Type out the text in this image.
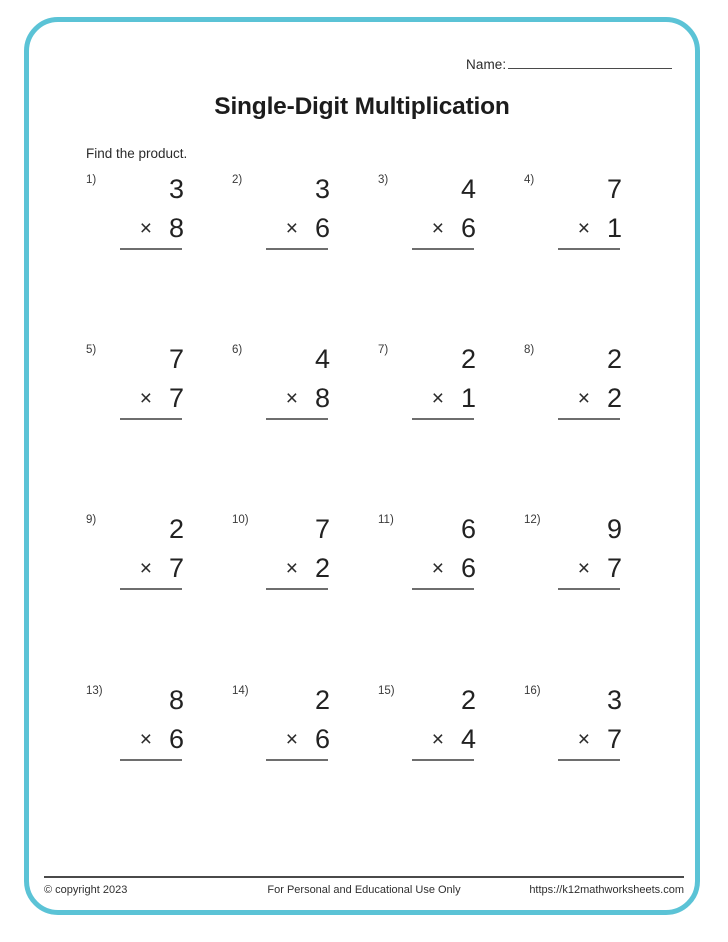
Name:
Single-Digit Multiplication
Find the product.
1)	3
× 8
2)	3
× 6
3)	4
× 6
4)	7
× 1
5)	7
× 7
6)	4
× 8
7)	2
× 1
8)	2
× 2
9)	2
× 7
10) 7
× 2
11) 6
× 6
12) 9
× 7
13) 8
× 6
14) 2
× 6
15) 2
× 4
16) 3
× 7
© copyright 2023	For Personal and Educational Use Only	https://k12mathworksheets.com
